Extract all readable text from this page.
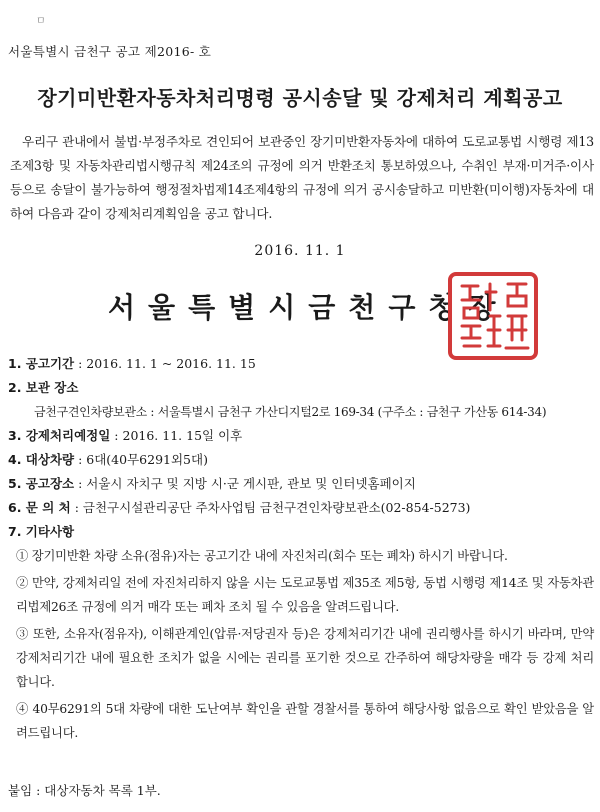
ㅁ
서울특별시 금천구 공고 제2016- 호
장기미반환자동차처리명령 공시송달 및 강제처리 계획공고
우리구 관내에서 불법·부정주차로 견인되어 보관중인 장기미반환자동차에 대하여 도로교통법 시행령 제13조제3항 및 자동차관리법시행규칙 제24조의 규정에 의거 반환조치 통보하였으나, 수취인 부재·미거주·이사 등으로 송달이 불가능하여 행정절차법제14조제4항의 규정에 의거 공시송달하고 미반환(미이행)자동차에 대하여 다음과 같이 강제처리계획임을 공고 합니다.
2016. 11. 1
서울특별시금천구청장
1. 공고기간 : 2016. 11. 1 ~ 2016. 11. 15
2. 보관 장소
금천구견인차량보관소 : 서울특별시 금천구 가산디지털2로 169-34 (구주소 : 금천구 가산동 614-34)
3. 강제처리예정일 : 2016. 11. 15일 이후
4. 대상차량 : 6대(40무6291외5대)
5. 공고장소 : 서울시 자치구 및 지방 시·군 게시판, 관보 및 인터넷홈페이지
6. 문 의 처 : 금천구시설관리공단 주차사업팀 금천구견인차량보관소(02-854-5273)
7. 기타사항
① 장기미반환 차량 소유(점유)자는 공고기간 내에 자진처리(회수 또는 폐차) 하시기 바랍니다.
② 만약, 강제처리일 전에 자진처리하지 않을 시는 도로교통법 제35조 제5항, 동법 시행령 제14조 및 자동차관리법제26조 규정에 의거 매각 또는 폐차 조치 될 수 있음을 알려드립니다.
③ 또한, 소유자(점유자), 이해관계인(압류·저당권자 등)은 강제처리기간 내에 권리행사를 하시기 바라며, 만약 강제처리기간 내에 필요한 조치가 없을 시에는 권리를 포기한 것으로 간주하여 해당차량을 매각 등 강제 처리 합니다.
④ 40무6291의 5대 차량에 대한 도난여부 확인을 관할 경찰서를 통하여 해당사항 없음으로 확인 받았음을 알려드립니다.
붙임 : 대상자동차 목록 1부.
